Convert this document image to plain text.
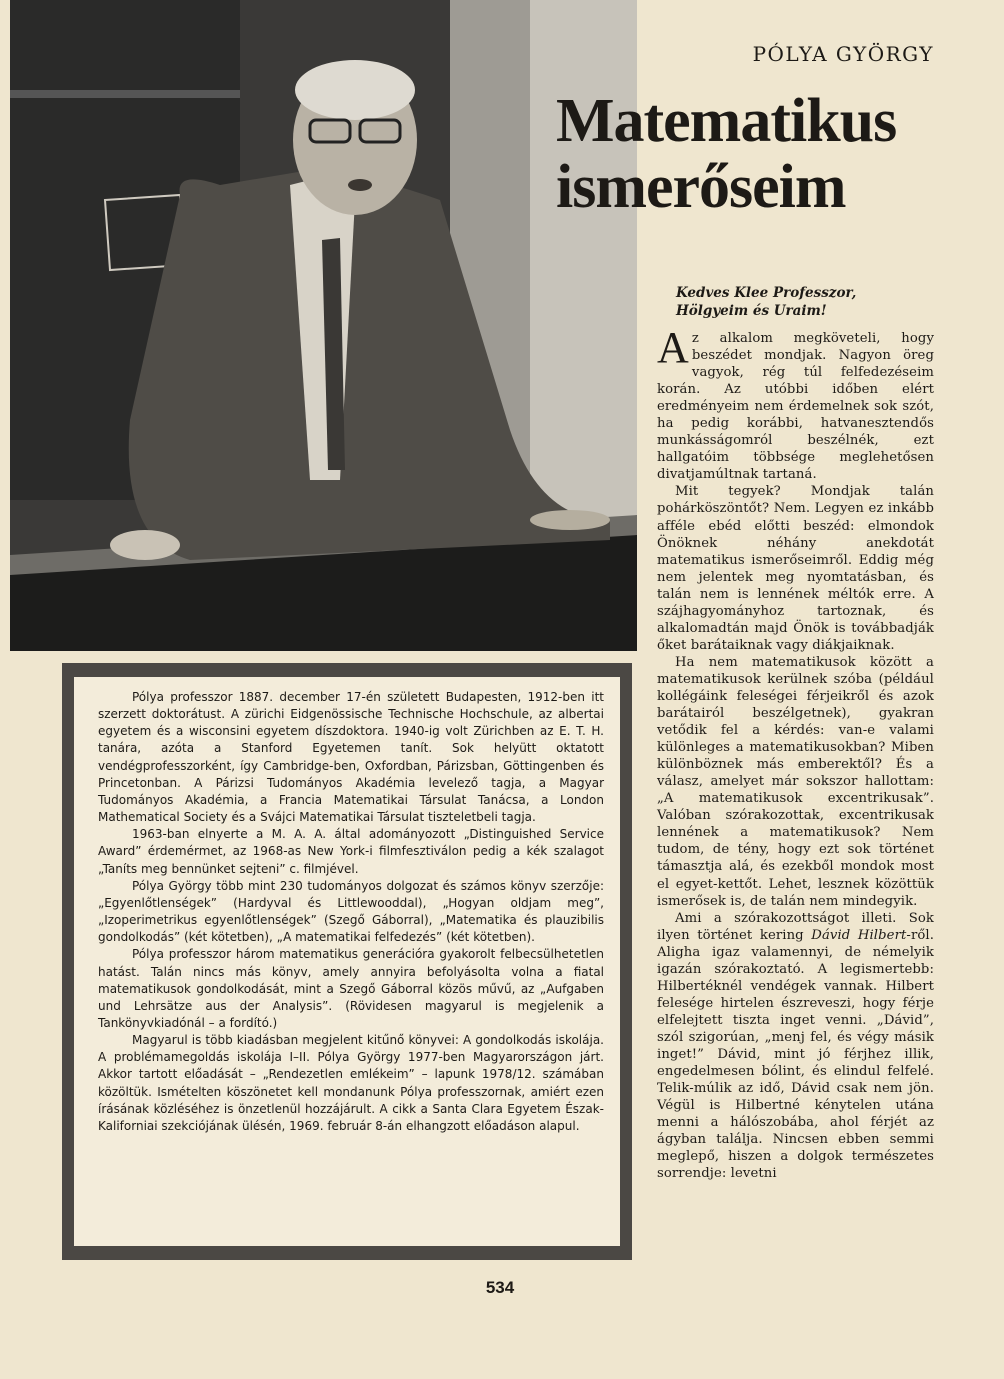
PÓLYA GYÖRGY
Matematikus ismerőseim
Kedves Klee Professzor,
Hölgyeim és Uraim!

Az alkalom megköveteli, hogy beszédet mondjak. Nagyon öreg vagyok, rég túl felfedezéseim korán. Az utóbbi időben elért eredményeim nem érdemelnek sok szót, ha pedig korábbi, hatvanesztendős munkásságomról beszélnék, ezt hallgatóim többsége meglehetősen divatjamúltnak tartaná.

Mit tegyek? Mondjak talán pohárköszöntőt? Nem. Legyen ez inkább afféle ebéd előtti beszéd: elmondok Önöknek néhány anekdotát matematikus ismerőseimről. Eddig még nem jelentek meg nyomtatásban, és talán nem is lennének méltók erre. A szájhagyományhoz tartoznak, és alkalomadtán majd Önök is továbbadják őket barátaiknak vagy diákjaiknak.

Ha nem matematikusok között a matematikusok kerülnek szóba (például kollégáink feleségei férjeikről és azok barátairól beszélgetnek), gyakran vetődik fel a kérdés: van-e valami különleges a matematikusokban? Miben különböznek más emberektől? És a válasz, amelyet már sokszor hallottam: „A matematikusok excentrikusak”. Valóban szórakozottak, excentrikusak lennének a matematikusok? Nem tudom, de tény, hogy ezt sok történet támasztja alá, és ezekből mondok most el egyet-kettőt. Lehet, lesznek közöttük ismerősek is, de talán nem mindegyik.

Ami a szórakozottságot illeti. Sok ilyen történet kering Dávid Hilbert-ről. Aligha igaz valamennyi, de némelyik igazán szórakoztató. A legismertebb: Hilbertéknél vendégek vannak. Hilbert felesége hirtelen észreveszi, hogy férje elfelejtett tiszta inget venni. „Dávid”, szól szigorúan, „menj fel, és végy másik inget!” Dávid, mint jó férjhez illik, engedelmesen bólint, és elindul felfelé. Telik-múlik az idő, Dávid csak nem jön. Végül is Hilbertné kénytelen utána menni a hálószobába, ahol férjét az ágyban találja. Nincsen ebben semmi meglepő, hiszen a dolgok természetes sorrendje: levetni

Pólya professzor 1887. december 17-én született Budapesten, 1912-ben itt szerzett doktorátust. A zürichi Eidgenössische Technische Hochschule, az albertai egyetem és a wisconsini egyetem díszdoktora. 1940-ig volt Zürichben az E. T. H. tanára, azóta a Stanford Egyetemen tanít. Sok helyütt oktatott vendégprofesszorként, így Cambridge-ben, Oxfordban, Párizsban, Göttingenben és Princetonban. A Párizsi Tudományos Akadémia levelező tagja, a Magyar Tudományos Akadémia, a Francia Matematikai Társulat Tanácsa, a London Mathematical Society és a Svájci Matematikai Társulat tiszteletbeli tagja.

1963-ban elnyerte a M. A. A. által adományozott „Distinguished Service Award” érdemérmet, az 1968-as New York-i filmfesztiválon pedig a kék szalagot „Taníts meg bennünket sejteni” c. filmjével.

Pólya György több mint 230 tudományos dolgozat és számos könyv szerzője: „Egyenlőtlenségek” (Hardyval és Littlewooddal), „Hogyan oldjam meg”, „Izoperimetrikus egyenlőtlenségek” (Szegő Gáborral), „Matematika és plauzibilis gondolkodás” (két kötetben), „A matematikai felfedezés” (két kötetben).

Pólya professzor három matematikus generációra gyakorolt felbecsülhetetlen hatást. Talán nincs más könyv, amely annyira befolyásolta volna a fiatal matematikusok gondolkodását, mint a Szegő Gáborral közös művű, az „Aufgaben und Lehrsätze aus der Analysis”. (Rövidesen magyarul is megjelenik a Tankönyvkiadónál – a fordító.)

Magyarul is több kiadásban megjelent kitűnő könyvei: A gondolkodás iskolája. A problémamegoldás iskolája I–II. Pólya György 1977-ben Magyarországon járt. Akkor tartott előadását – „Rendezetlen emlékeim” – lapunk 1978/12. számában közöltük. Ismételten köszönetet kell mondanunk Pólya professzornak, amiért ezen írásának közléséhez is önzetlenül hozzájárult. A cikk a Santa Clara Egyetem Észak-Kaliforniai szekciójának ülésén, 1969. február 8-án elhangzott előadáson alapul.

534
